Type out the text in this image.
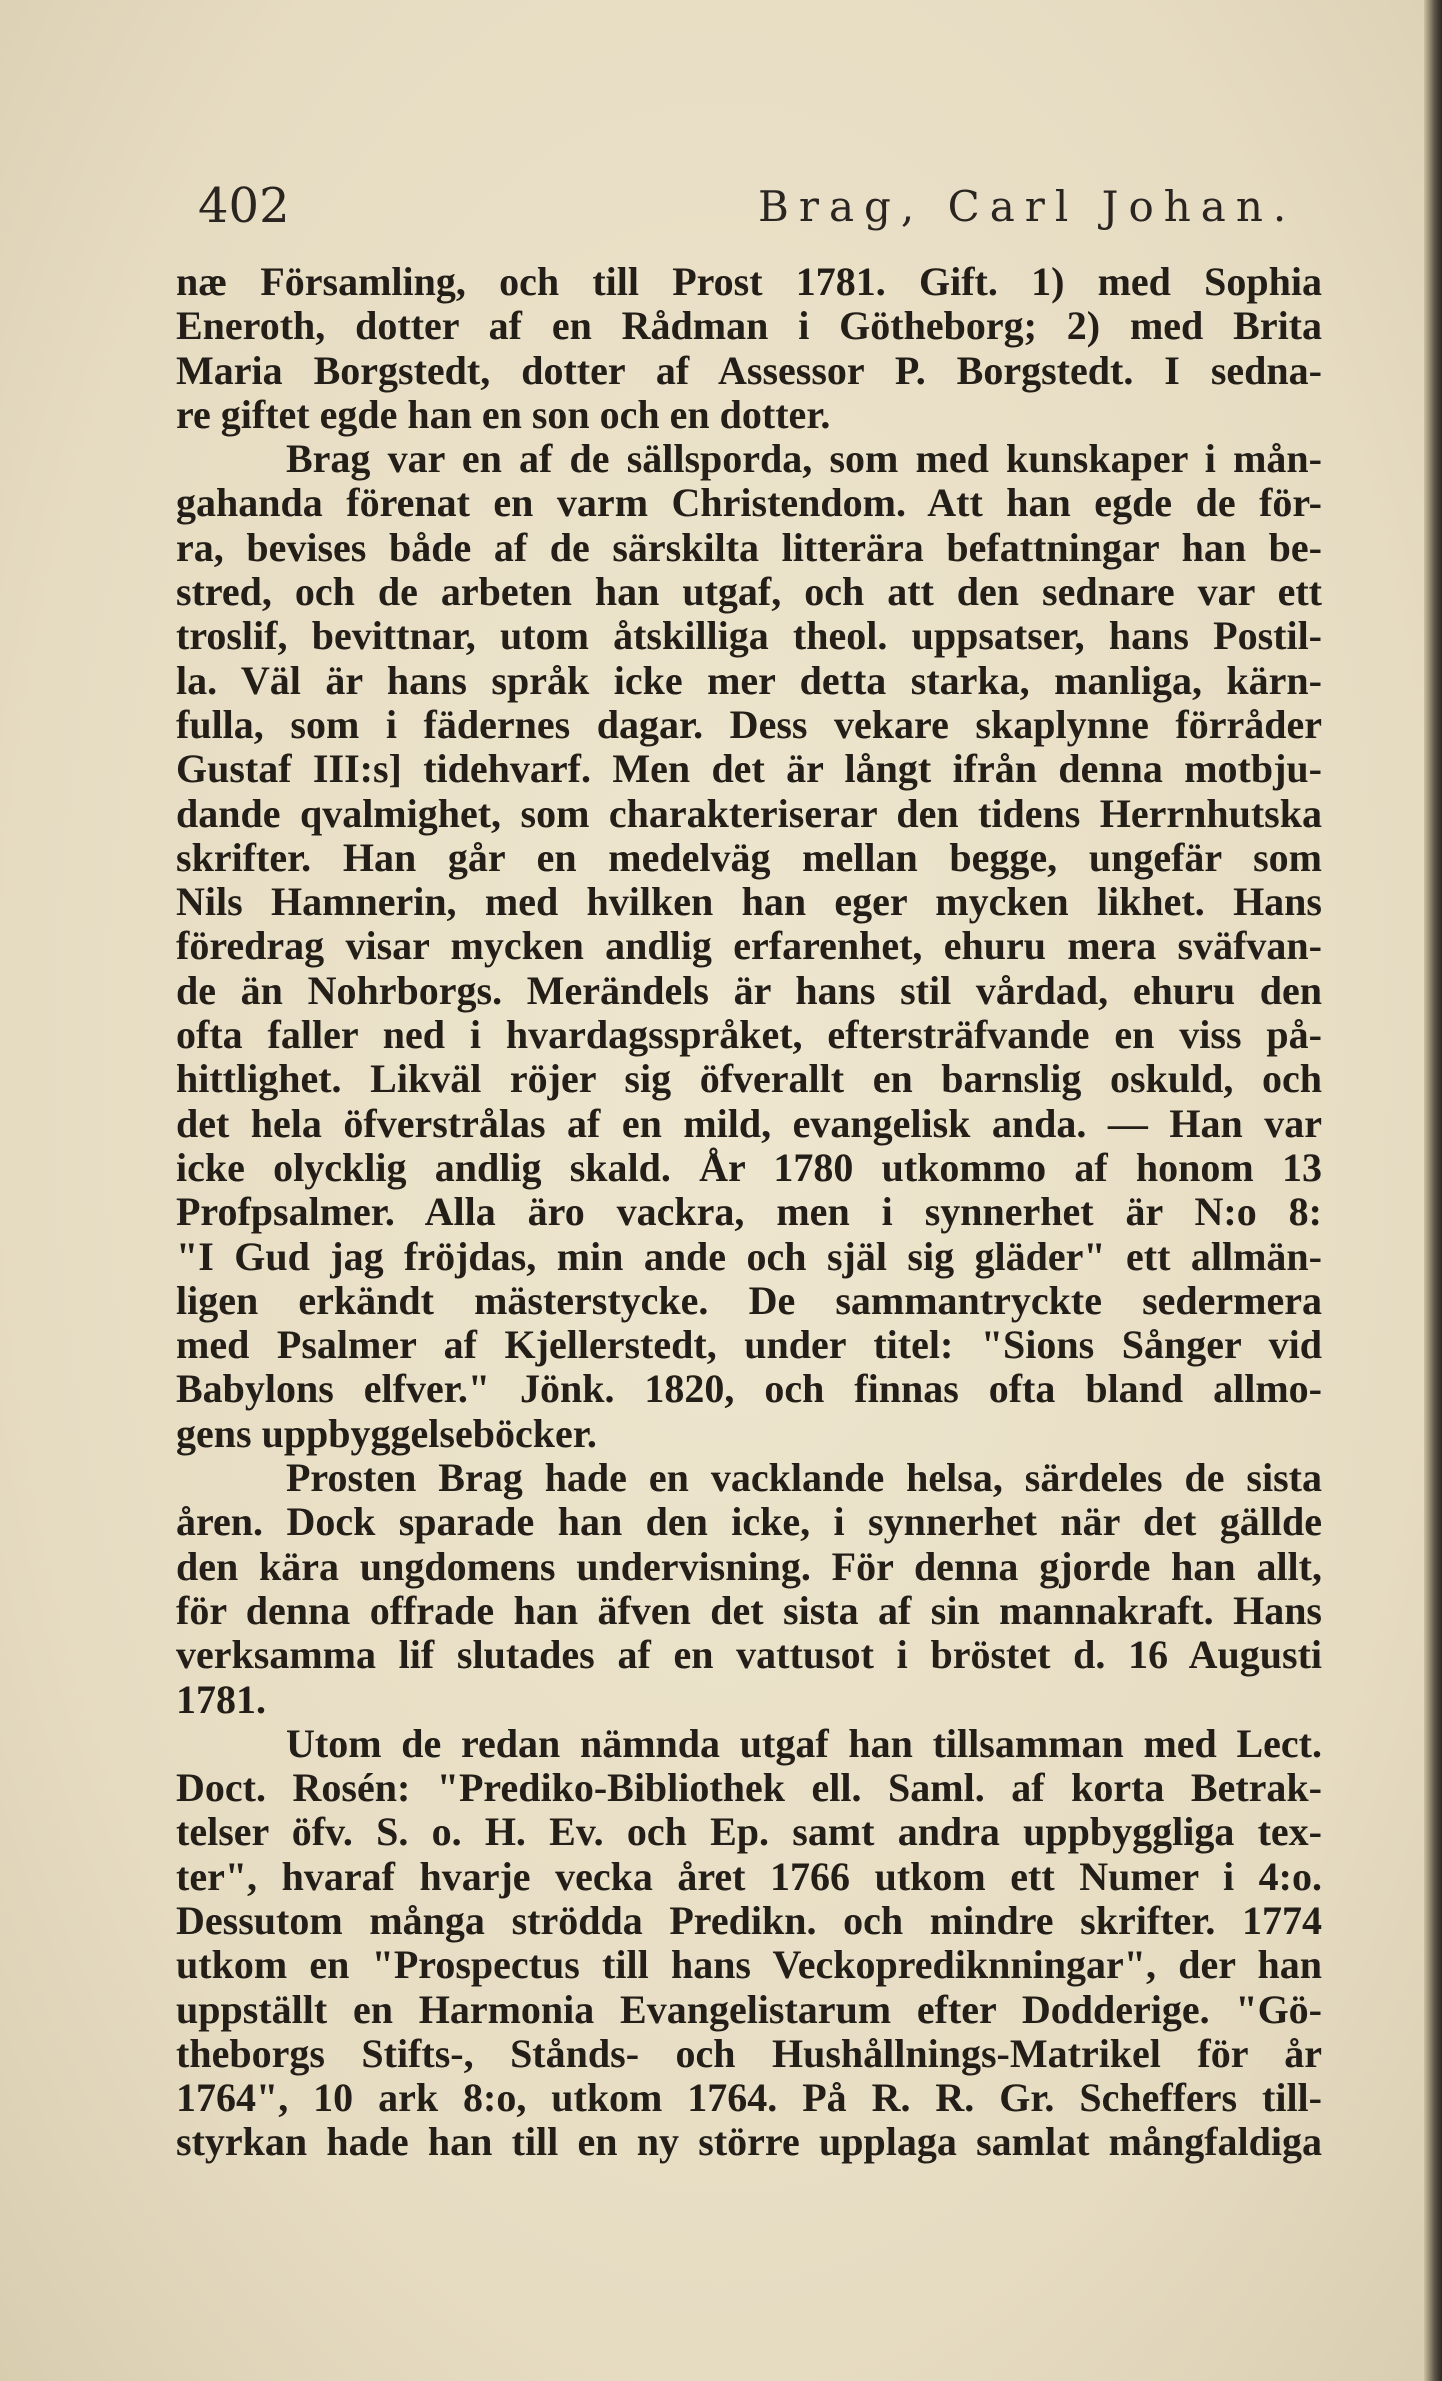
402	Brag, Carl Johan.
næ Församling, och till Prost 1781. Gift. 1) med Sophia
Eneroth, dotter af en Rådman i Götheborg; 2) med Brita
Maria Borgstedt, dotter af Assessor P. Borgstedt. I sedna-
re giftet egde han en son och en dotter.
Brag var en af de sällsporda, som med kunskaper i mån-
gahanda förenat en varm Christendom. Att han egde de för-
ra, bevises både af de särskilta litterära befattningar han be-
stred, och de arbeten han utgaf, och att den sednare var ett
troslif, bevittnar, utom åtskilliga theol. uppsatser, hans Postil-
la. Väl är hans språk icke mer detta starka, manliga, kärn-
fulla, som i fädernes dagar. Dess vekare skaplynne förråder
Gustaf III:s] tidehvarf. Men det är långt ifrån denna motbju-
dande qvalmighet, som charakteriserar den tidens Herrnhutska
skrifter. Han går en medelväg mellan begge, ungefär som
Nils Hamnerin, med hvilken han eger mycken likhet. Hans
föredrag visar mycken andlig erfarenhet, ehuru mera sväfvan-
de än Nohrborgs. Merändels är hans stil vårdad, ehuru den
ofta faller ned i hvardagsspråket, eftersträfvande en viss på-
hittlighet. Likväl röjer sig öfverallt en barnslig oskuld, och
det hela öfverstrålas af en mild, evangelisk anda. — Han var
icke olycklig andlig skald. År 1780 utkommo af honom 13
Profpsalmer. Alla äro vackra, men i synnerhet är N:o 8:
"I Gud jag fröjdas, min ande och själ sig gläder" ett allmän-
ligen erkändt mästerstycke. De sammantryckte sedermera
med Psalmer af Kjellerstedt, under titel: "Sions Sånger vid
Babylons elfver." Jönk. 1820, och finnas ofta bland allmo-
gens uppbyggelseböcker.
Prosten Brag hade en vacklande helsa, särdeles de sista
åren. Dock sparade han den icke, i synnerhet när det gällde
den kära ungdomens undervisning. För denna gjorde han allt,
för denna offrade han äfven det sista af sin mannakraft. Hans
verksamma lif slutades af en vattusot i bröstet d. 16 Augusti
1781.
Utom de redan nämnda utgaf han tillsamman med Lect.
Doct. Rosén: "Prediko-Bibliothek ell. Saml. af korta Betrak-
telser öfv. S. o. H. Ev. och Ep. samt andra uppbyggliga tex-
ter", hvaraf hvarje vecka året 1766 utkom ett Numer i 4:o.
Dessutom många strödda Predikn. och mindre skrifter. 1774
utkom en "Prospectus till hans Veckoprediknningar", der han
uppställt en Harmonia Evangelistarum efter Dodderige. "Gö-
theborgs Stifts-, Stånds- och Hushållnings-Matrikel för år
1764", 10 ark 8:o, utkom 1764. På R. R. Gr. Scheffers till-
styrkan hade han till en ny större upplaga samlat mångfaldiga
